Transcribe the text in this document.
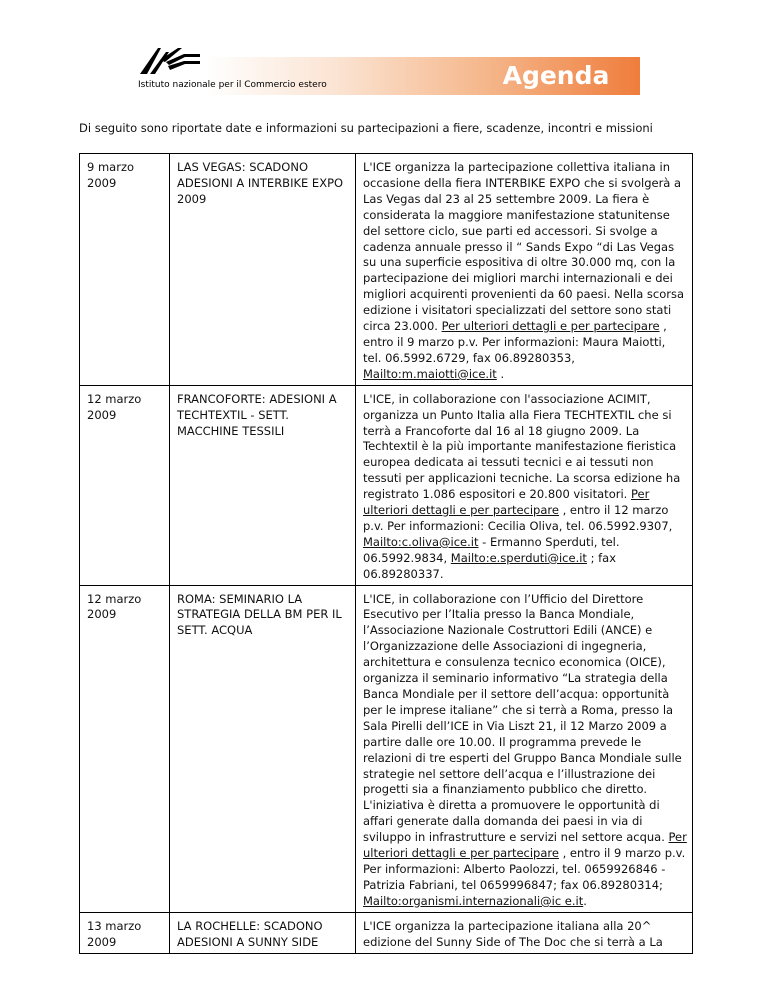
Agenda
Istituto nazionale per il Commercio estero
Di seguito sono riportate date e informazioni su partecipazioni a fiere, scadenze, incontri e missioni
9 marzo 2009	LAS VEGAS: SCADONO ADESIONI A INTERBIKE EXPO 2009	L'ICE organizza la partecipazione collettiva italiana in occasione della fiera INTERBIKE EXPO che si svolgerà a Las Vegas dal 23 al 25 settembre 2009. La fiera è considerata la maggiore manifestazione statunitense del settore ciclo, sue parti ed accessori. Si svolge a cadenza annuale presso il “ Sands Expo “di Las Vegas su una superficie espositiva di oltre 30.000 mq, con la partecipazione dei migliori marchi internazionali e dei migliori acquirenti provenienti da 60 paesi. Nella scorsa edizione i visitatori specializzati del settore sono stati circa 23.000. Per ulteriori dettagli e per partecipare , entro il 9 marzo p.v. Per informazioni: Maura Maiotti, tel. 06.5992.6729, fax 06.89280353, Mailto:m.maiotti@ice.it .
12 marzo 2009	FRANCOFORTE: ADESIONI A TECHTEXTIL - SETT. MACCHINE TESSILI	L'ICE, in collaborazione con l'associazione ACIMIT, organizza un Punto Italia alla Fiera TECHTEXTIL che si terrà a Francoforte dal 16 al 18 giugno 2009. La Techtextil è la più importante manifestazione fieristica europea dedicata ai tessuti tecnici e ai tessuti non tessuti per applicazioni tecniche. La scorsa edizione ha registrato 1.086 espositori e 20.800 visitatori. Per ulteriori dettagli e per partecipare , entro il 12 marzo p.v. Per informazioni: Cecilia Oliva, tel. 06.5992.9307, Mailto:c.oliva@ice.it - Ermanno Sperduti, tel. 06.5992.9834, Mailto:e.sperduti@ice.it ; fax 06.89280337.
12 marzo 2009	ROMA: SEMINARIO LA STRATEGIA DELLA BM PER IL SETT. ACQUA	L'ICE, in collaborazione con l’Ufficio del Direttore Esecutivo per l’Italia presso la Banca Mondiale, l’Associazione Nazionale Costruttori Edili (ANCE) e l’Organizzazione delle Associazioni di ingegneria, architettura e consulenza tecnico economica (OICE), organizza il seminario informativo “La strategia della Banca Mondiale per il settore dell’acqua: opportunità per le imprese italiane” che si terrà a Roma, presso la Sala Pirelli dell’ICE in Via Liszt 21, il 12 Marzo 2009 a partire dalle ore 10.00. Il programma prevede le relazioni di tre esperti del Gruppo Banca Mondiale sulle strategie nel settore dell’acqua e l’illustrazione dei progetti sia a finanziamento pubblico che diretto. L'iniziativa è diretta a promuovere le opportunità di affari generate dalla domanda dei paesi in via di sviluppo in infrastrutture e servizi nel settore acqua. Per ulteriori dettagli e per partecipare , entro il 9 marzo p.v. Per informazioni: Alberto Paolozzi, tel. 0659926846 - Patrizia Fabriani, tel 0659996847; fax 06.89280314; Mailto:organismi.internazionali@ic e.it.
13 marzo 2009	LA ROCHELLE: SCADONO ADESIONI A SUNNY SIDE	L'ICE organizza la partecipazione italiana alla 20^ edizione del Sunny Side of The Doc che si terrà a La
